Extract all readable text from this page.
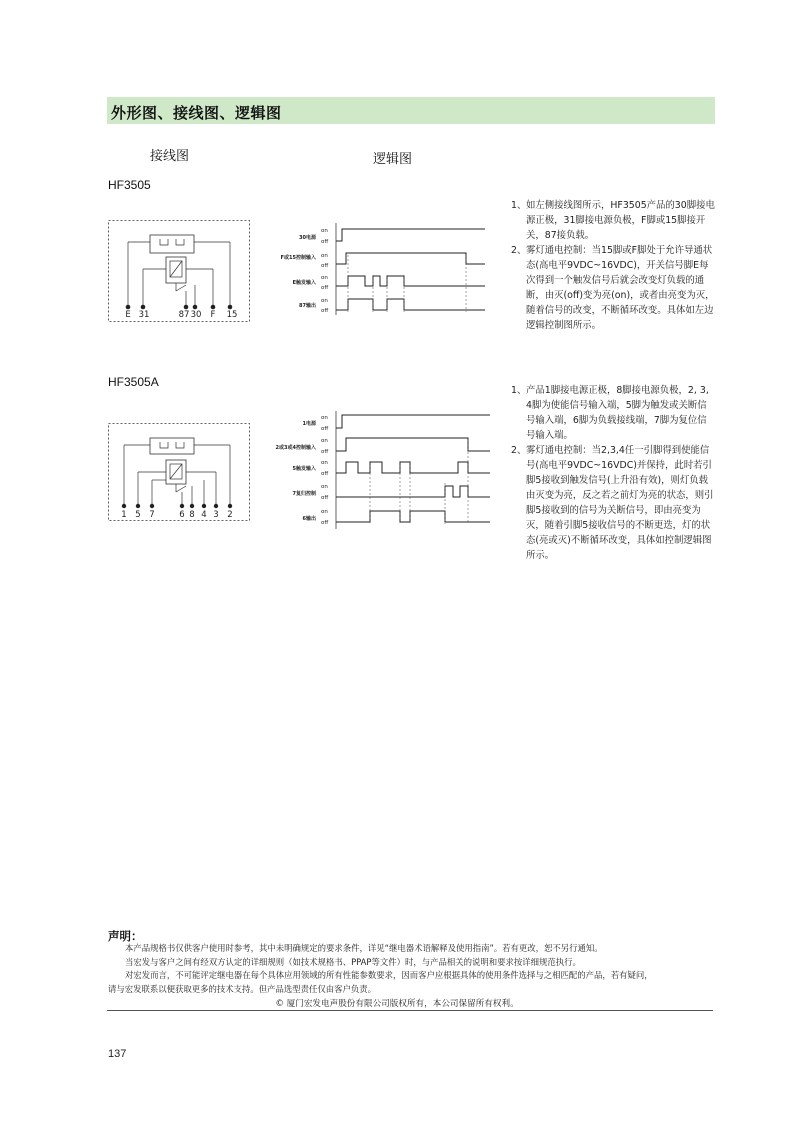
外形图、接线图、逻辑图
接线图	逻辑图
HF3505
E 31	87 30 F 15
30电源
F或15控制输入
E触发输入
87输出
on
off
on
off
on
off
on
off
1、 如左侧接线图所示，HF3505产品的30脚接电源正极，31脚接电源负极，F脚或15脚接开关，87接负载。
2、 雾灯通电控制：当15脚或F脚处于允许导通状态(高电平9VDC~16VDC)，开关信号脚E每次得到一个触发信号后就会改变灯负载的通断，由灭(off)变为亮(on)，或者由亮变为灭，随着信号的改变，不断循环改变。具体如左边逻辑控制图所示。
HF3505A
1 5 7	6 8 4 3 2
1电源
2或3或4控制输入
5触发输入
7复归控制
6输出
on
off
on
off
on
off
on
off
on
off
1、 产品1脚接电源正极，8脚接电源负极，2, 3, 4脚为使能信号输入端，5脚为触发或关断信号输入端，6脚为负载接线端，7脚为复位信号输入端。
2、 雾灯通电控制：当2,3,4任一引脚得到使能信号(高电平9VDC~16VDC)并保持，此时若引脚5接收到触发信号(上升沿有效)，则灯负载由灭变为亮，反之若之前灯为亮的状态，则引脚5接收到的信号为关断信号，即由亮变为灭，随着引脚5接收信号的不断更迭，灯的状态(亮或灭)不断循环改变，具体如控制逻辑图所示。
声明：
本产品规格书仅供客户使用时参考，其中未明确规定的要求条件，详见“继电器术语解释及使用指南”。若有更改，恕不另行通知。
当宏发与客户之间有经双方认定的详细规则（如技术规格书、PPAP等文件）时，与产品相关的说明和要求按详细规范执行。
对宏发而言，不可能评定继电器在每个具体应用领域的所有性能参数要求，因而客户应根据具体的使用条件选择与之相匹配的产品，若有疑问，
请与宏发联系以便获取更多的技术支持。但产品选型责任仅由客户负责。
© 厦门宏发电声股份有限公司版权所有，本公司保留所有权利。
137
